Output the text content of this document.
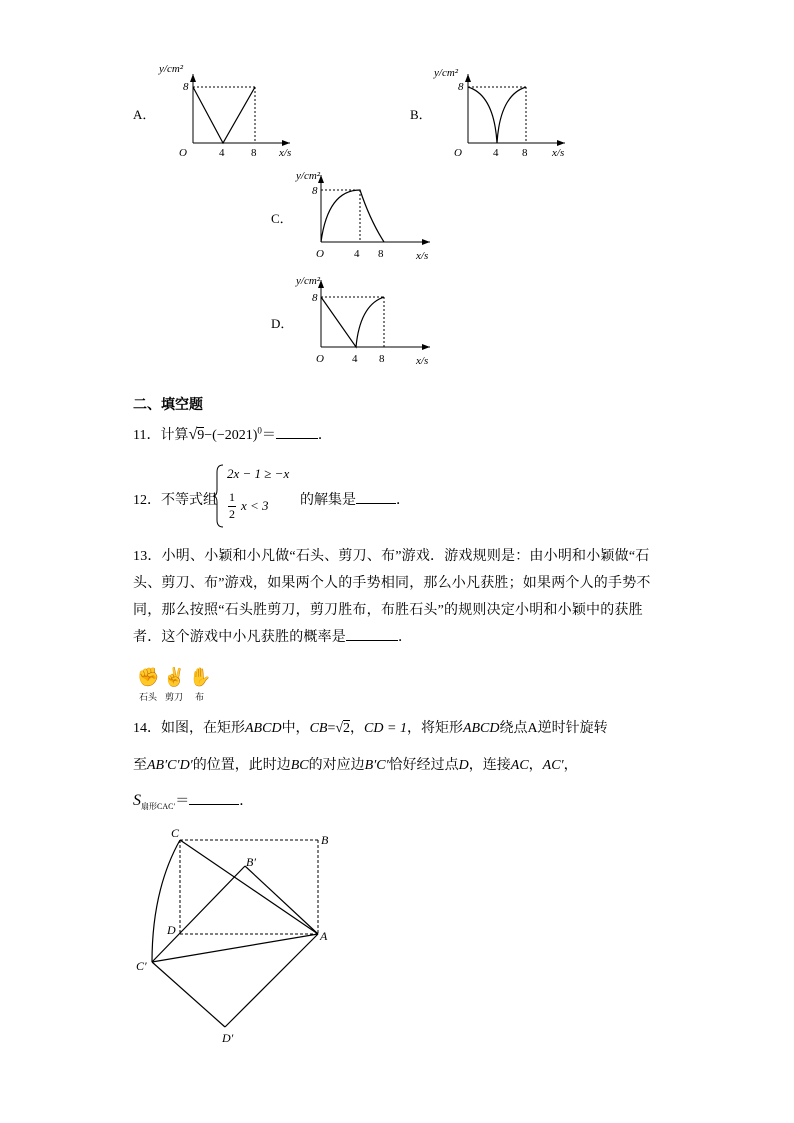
A．
y/cm²
8
O	4 8 x/s
B．
y/cm²
8
O	4 8 x/s
C．
y/cm²
8
O	4 8	x/s
D．
y/cm²
8
O	4 8	x/s
二、填空题
11．计算$√9-(-2021)^0=$	．
12．不等式组
2x − 1 ≥ −x
1
2
x < 3 的解集是	．
13．小明、小颖和小凡做“石头、剪刀、布”游戏．游戏规则是：由小明和小颖做“石头、剪刀、布”游戏，如果两个人的手势相同，那么小凡获胜；如果两个人的手势不同，那么按照“石头胜剪刀，剪刀胜布，布胜石头”的规则决定小明和小颖中的获胜者．这个游戏中小凡获胜的概率是	．
✊ ✌ ✋
石头 剪刀 布
14．如图，在矩形ABCD中，CB=√2，CD = 1，将矩形ABCD绕点A逆时针旋转
至AB′C′D′的位置，此时边BC的对应边B′C′恰好经过点D，连接AC，AC′，
$S_{扇形CAC'}=$	．
C	B
B′
D	A
C′
D′
